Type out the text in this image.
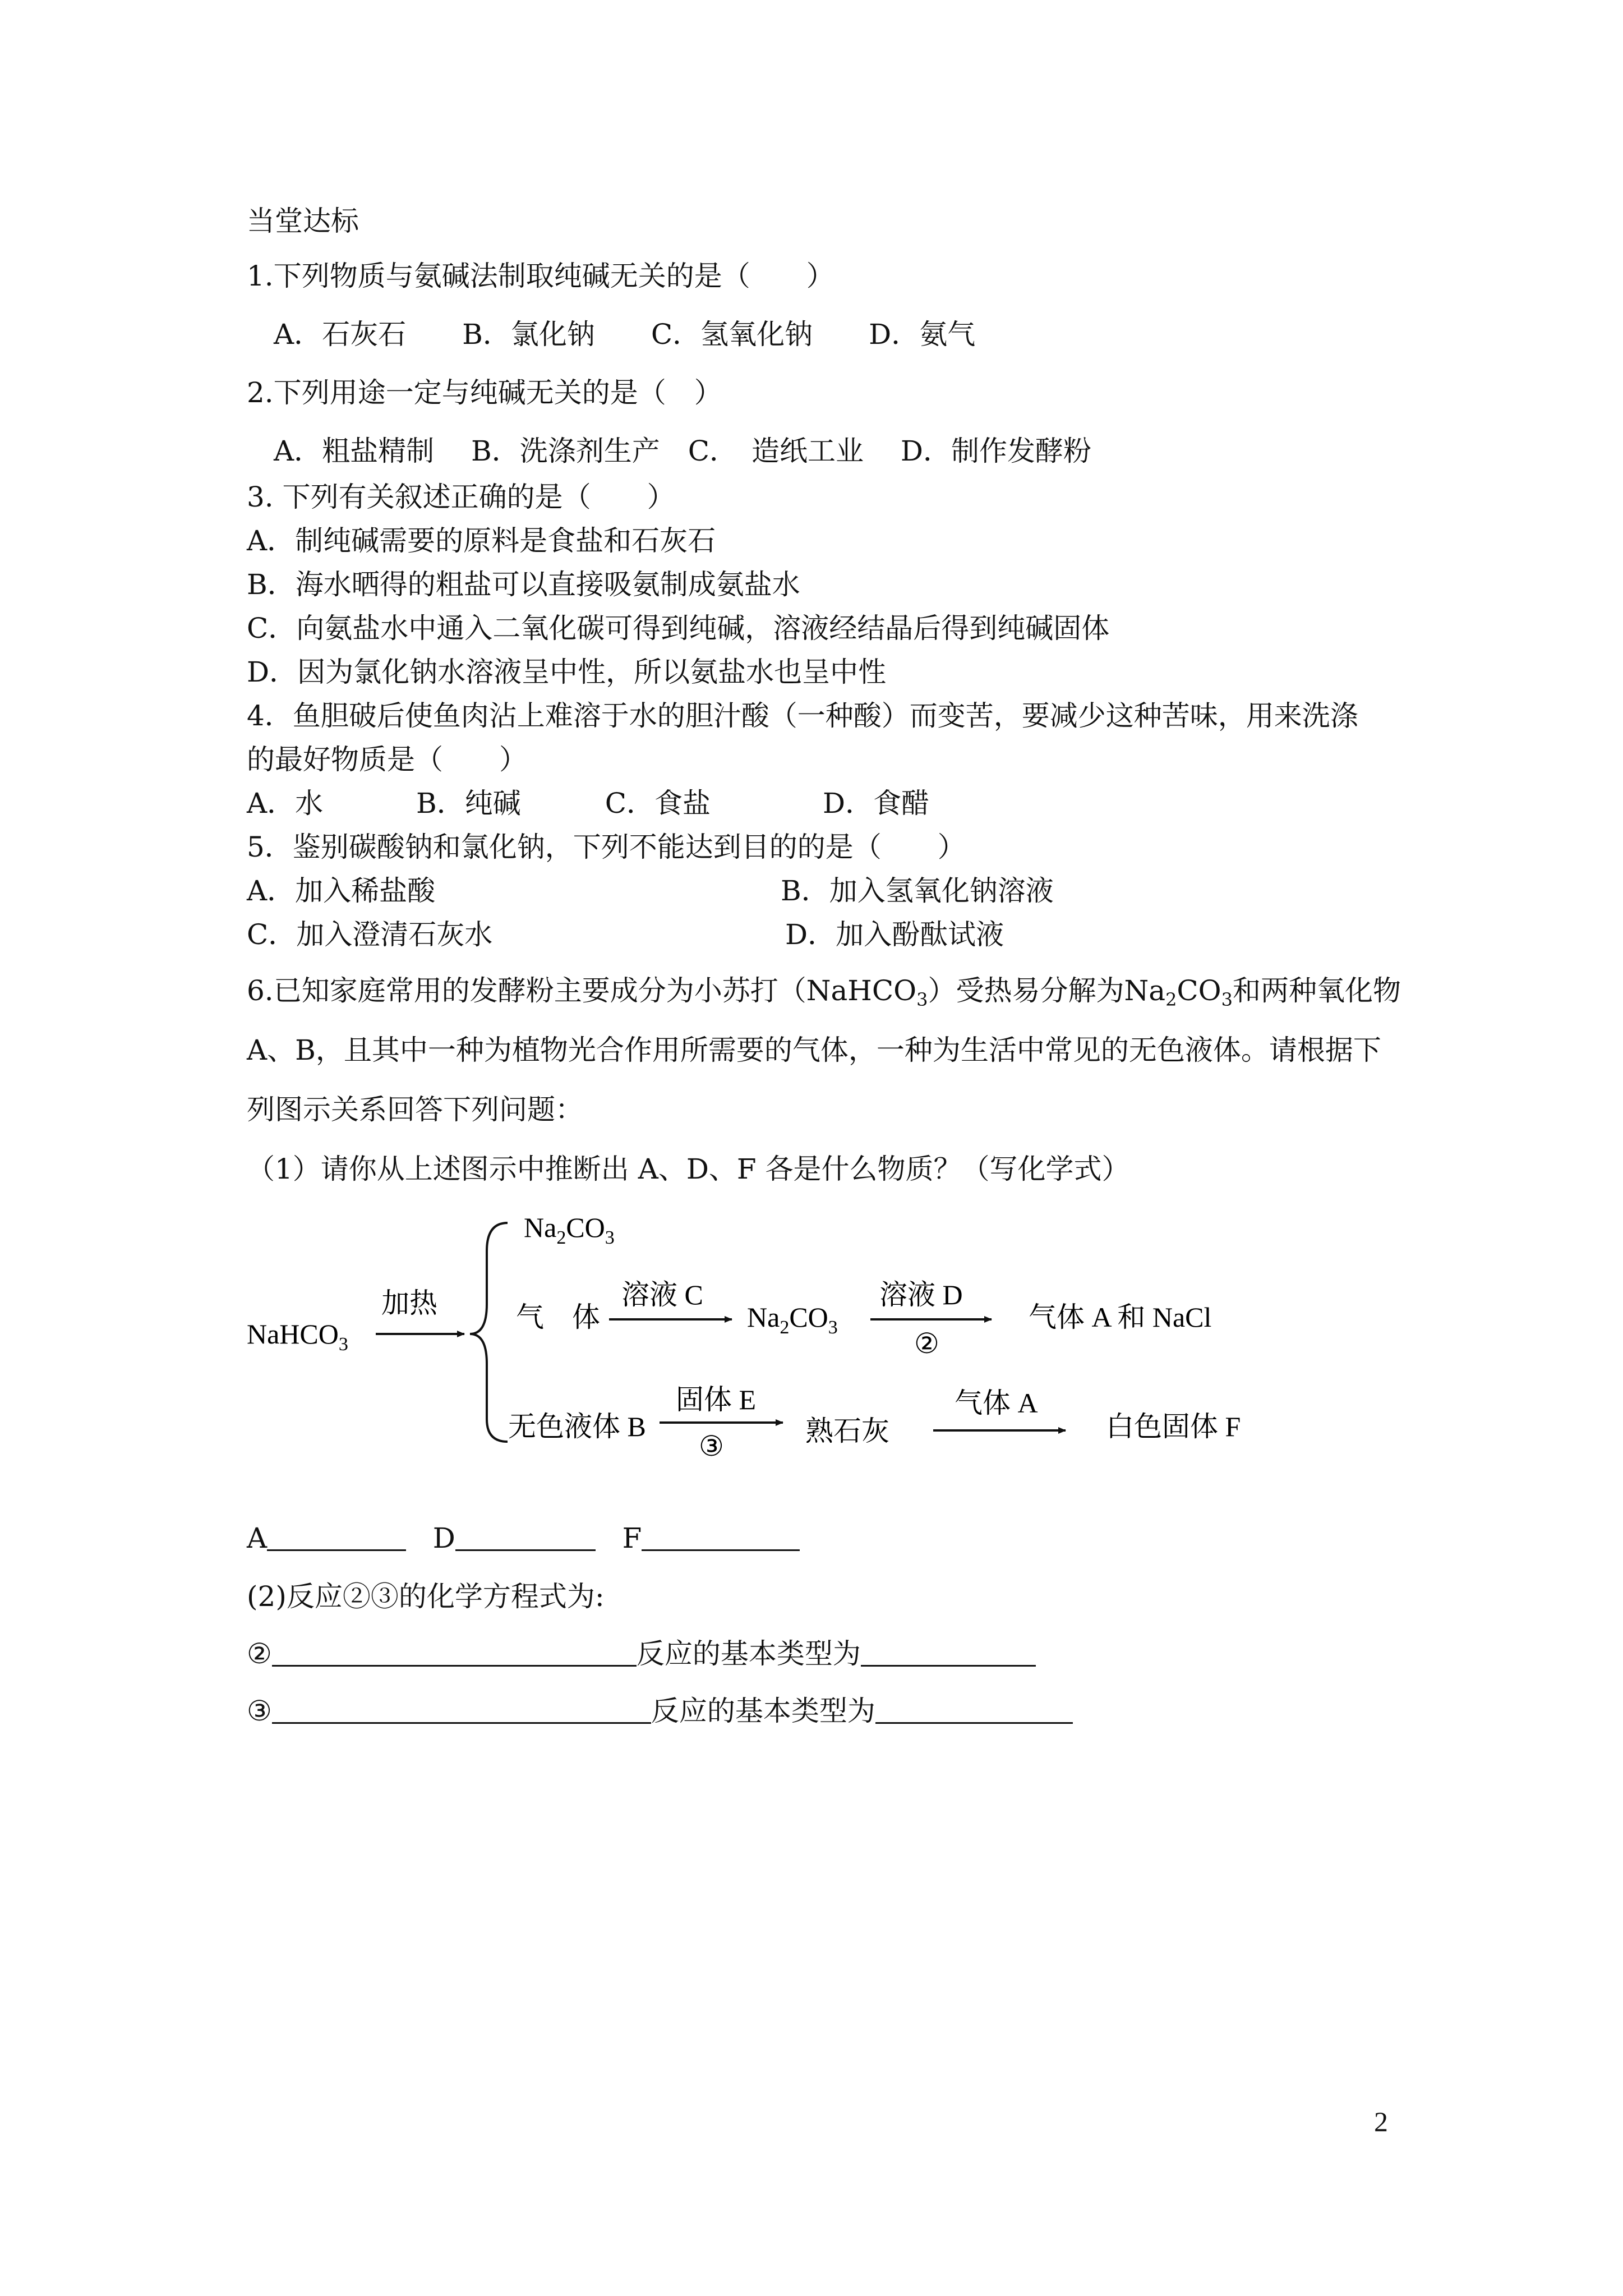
当堂达标
1.下列物质与氨碱法制取纯碱无关的是（　　）
A．石灰石　　B．氯化钠　　C．氢氧化钠　　D．氨气
2.下列用途一定与纯碱无关的是（　）
A．粗盐精制　 B．洗涤剂生产　C．　造纸工业　 D．制作发酵粉
3. 下列有关叙述正确的是（　　）
A．制纯碱需要的原料是食盐和石灰石
B．海水晒得的粗盐可以直接吸氨制成氨盐水
C．向氨盐水中通入二氧化碳可得到纯碱，溶液经结晶后得到纯碱固体
D．因为氯化钠水溶液呈中性，所以氨盐水也呈中性
4．鱼胆破后使鱼肉沾上难溶于水的胆汁酸（一种酸）而变苦，要减少这种苦味，用来洗涤
的最好物质是（　　）
A．水　　　 B．纯碱　　　C．食盐　　　　D．食醋
5．鉴别碳酸钠和氯化钠，下列不能达到目的的是（　　）
A．加入稀盐酸	B．加入氢氧化钠溶液
C．加入澄清石灰水	D．加入酚酞试液
6.已知家庭常用的发酵粉主要成分为小苏打（NaHCO$_3$）受热易分解为$Na_2CO_3$和两种氧化物
A、B，且其中一种为植物光合作用所需要的气体，一种为生活中常见的无色液体。请根据下
列图示关系回答下列问题：
（1）请你从上述图示中推断出 A、D、F 各是什么物质？（写化学式）
NaHCO$_3$
加热
$Na_2CO_3$
气　体
溶液 C
$Na_2CO_3$
溶液 D
②
气体 A 和 NaCl
无色液体 B
固体 E
③	熟石灰
气体 A
白色固体 F
A	D	F
(2)反应②③的化学方程式为:
②	反应的基本类型为
③	反应的基本类型为
2
